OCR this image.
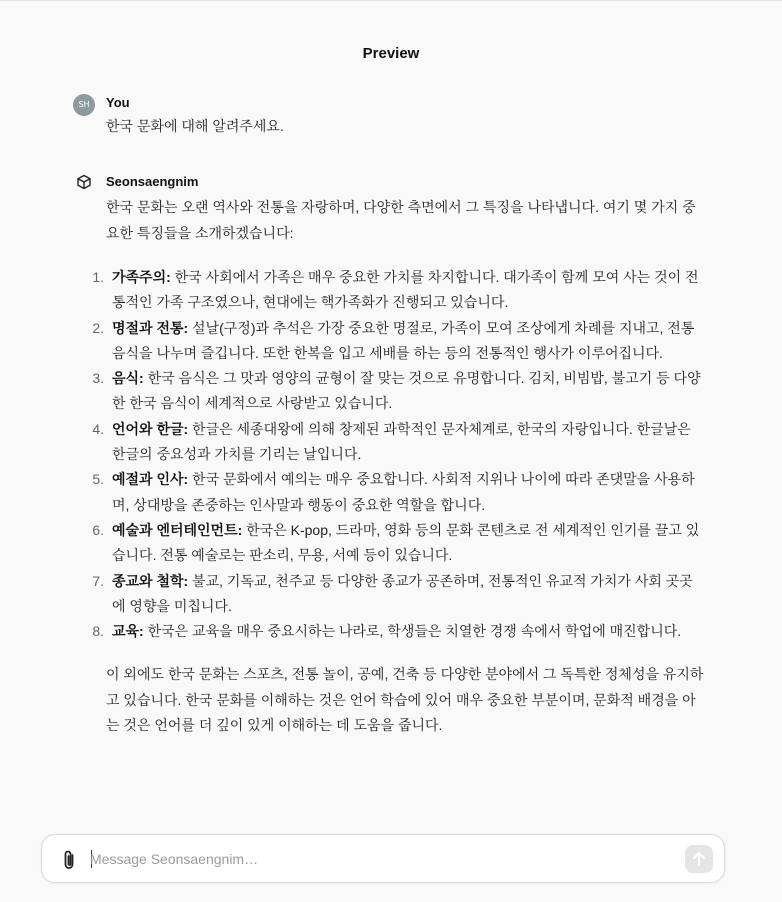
Preview
SH	You
한국 문화에 대해 알려주세요.
Seonsaengnim
한국 문화는 오랜 역사와 전통을 자랑하며, 다양한 측면에서 그 특징을 나타냅니다. 여기 몇 가지 중요한 특징들을 소개하겠습니다:
1. 가족주의: 한국 사회에서 가족은 매우 중요한 가치를 차지합니다. 대가족이 함께 모여 사는 것이 전통적인 가족 구조였으나, 현대에는 핵가족화가 진행되고 있습니다.
2. 명절과 전통: 설날(구정)과 추석은 가장 중요한 명절로, 가족이 모여 조상에게 차례를 지내고, 전통 음식을 나누며 즐깁니다. 또한 한복을 입고 세배를 하는 등의 전통적인 행사가 이루어집니다.
3. 음식: 한국 음식은 그 맛과 영양의 균형이 잘 맞는 것으로 유명합니다. 김치, 비빔밥, 불고기 등 다양한 한국 음식이 세계적으로 사랑받고 있습니다.
4. 언어와 한글: 한글은 세종대왕에 의해 창제된 과학적인 문자체계로, 한국의 자랑입니다. 한글날은 한글의 중요성과 가치를 기리는 날입니다.
5. 예절과 인사: 한국 문화에서 예의는 매우 중요합니다. 사회적 지위나 나이에 따라 존댓말을 사용하며, 상대방을 존중하는 인사말과 행동이 중요한 역할을 합니다.
6. 예술과 엔터테인먼트: 한국은 K-pop, 드라마, 영화 등의 문화 콘텐츠로 전 세계적인 인기를 끌고 있습니다. 전통 예술로는 판소리, 무용, 서예 등이 있습니다.
7. 종교와 철학: 불교, 기독교, 천주교 등 다양한 종교가 공존하며, 전통적인 유교적 가치가 사회 곳곳에 영향을 미칩니다.
8. 교육: 한국은 교육을 매우 중요시하는 나라로, 학생들은 치열한 경쟁 속에서 학업에 매진합니다.
이 외에도 한국 문화는 스포츠, 전통 놀이, 공예, 건축 등 다양한 분야에서 그 독특한 정체성을 유지하고 있습니다. 한국 문화를 이해하는 것은 언어 학습에 있어 매우 중요한 부분이며, 문화적 배경을 아는 것은 언어를 더 깊이 있게 이해하는 데 도움을 줍니다.
Message Seonsaengnim…
